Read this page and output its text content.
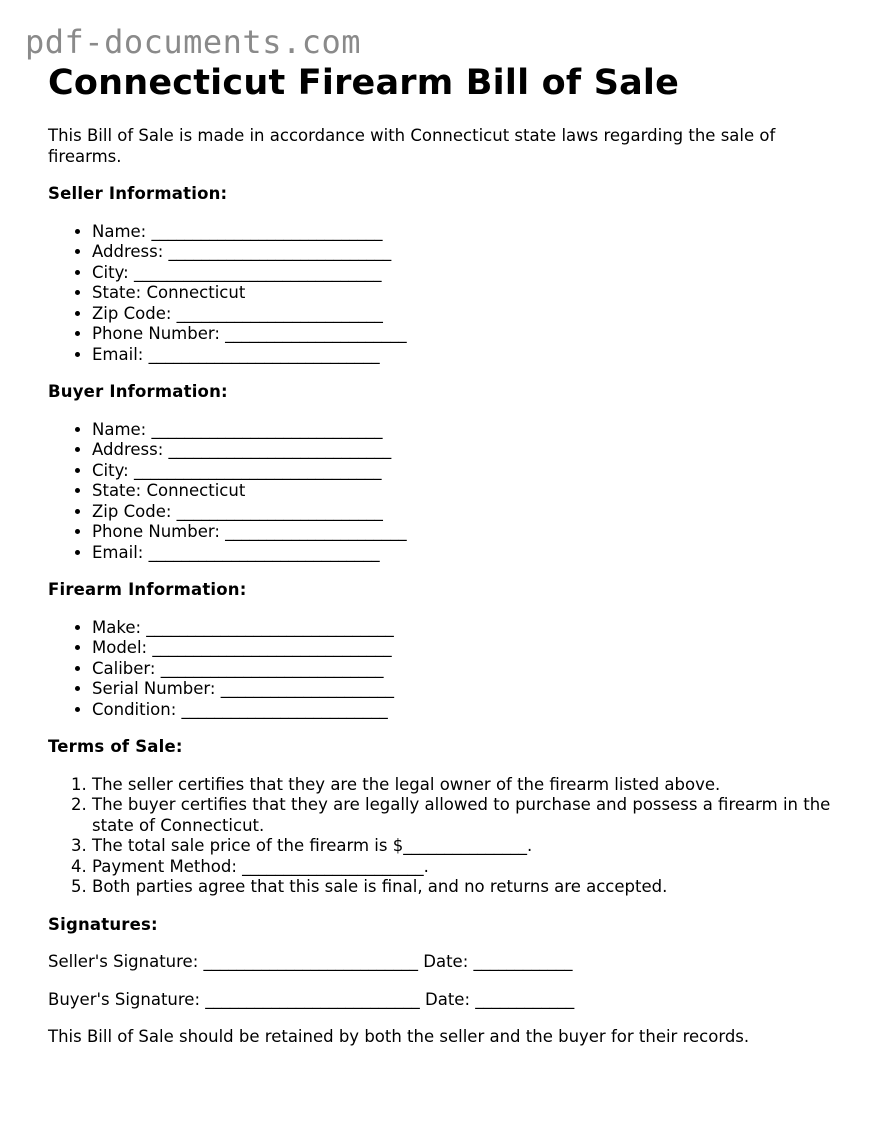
pdf-documents.com
Connecticut Firearm Bill of Sale

This Bill of Sale is made in accordance with Connecticut state laws regarding the sale of firearms.

Seller Information:
• Name: ____________________________
• Address: ___________________________
• City: ______________________________
• State: Connecticut
• Zip Code: _________________________
• Phone Number: ______________________
• Email: ____________________________
Buyer Information:
• Name: ____________________________
• Address: ___________________________
• City: ______________________________
• State: Connecticut
• Zip Code: _________________________
• Phone Number: ______________________
• Email: ____________________________
Firearm Information:
• Make: ______________________________
• Model: _____________________________
• Caliber: ___________________________
• Serial Number: _____________________
• Condition: _________________________
Terms of Sale:
1. The seller certifies that they are the legal owner of the firearm listed above.
2. The buyer certifies that they are legally allowed to purchase and possess a firearm in the state of Connecticut.
3. The total sale price of the firearm is $_______________.
4. Payment Method: ______________________.
5. Both parties agree that this sale is final, and no returns are accepted.
Signatures:

Seller's Signature: __________________________ Date: ____________

Buyer's Signature: __________________________ Date: ____________

This Bill of Sale should be retained by both the seller and the buyer for their records.
